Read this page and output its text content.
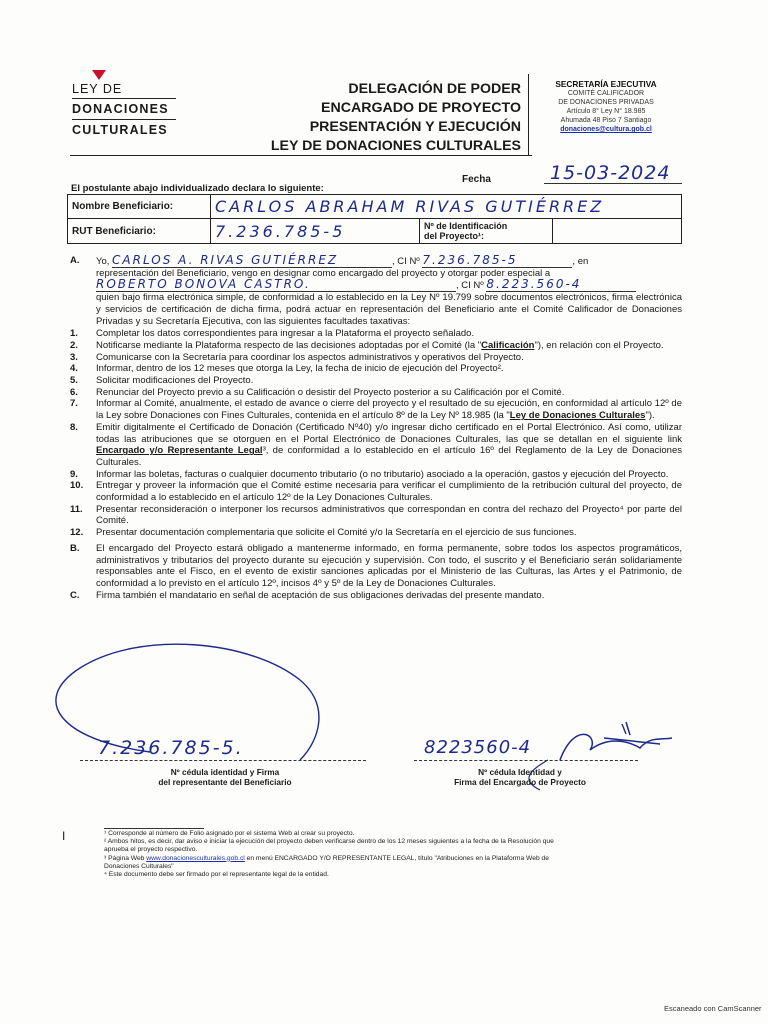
LEY DE
DONACIONES
CULTURALES
DELEGACIÓN DE PODER
ENCARGADO DE PROYECTO
PRESENTACIÓN Y EJECUCIÓN
LEY DE DONACIONES CULTURALES
SECRETARÍA EJECUTIVA
COMITÉ CALIFICADOR
DE DONACIONES PRIVADAS
Artículo 8° Ley N° 18.985
Ahumada 48 Piso 7 Santiago
donaciones@cultura.gob.cl
Fecha	15-03-2024
El postulante abajo individualizado declara lo siguiente:
Nombre Beneficiario:	CARLOS ABRAHAM RIVAS GUTIÉRREZ		
RUT Beneficiario:	7.236.785-5	Nº de Identificación
del Proyecto¹:	

A. Yo, CARLOS A. RIVAS GUTIÉRREZ	, CI Nº 7.236.785-5	, en
representación del Beneficiario, vengo en designar como encargado del proyecto y otorgar poder especial a
ROBERTO BONOVA CASTRO.	, CI Nº 8.223.560-4
quien bajo firma electrónica simple, de conformidad a lo establecido en la Ley Nº 19.799 sobre documentos electrónicos, firma electrónica y servicios de certificación de dicha firma, podrá actuar en representación del Beneficiario ante el Comité Calificador de Donaciones Privadas y su Secretaría Ejecutiva, con las siguientes facultades taxativas:
1. Completar los datos correspondientes para ingresar a la Plataforma el proyecto señalado.
2. Notificarse mediante la Plataforma respecto de las decisiones adoptadas por el Comité (la "Calificación"), en relación con el Proyecto.
3. Comunicarse con la Secretaría para coordinar los aspectos administrativos y operativos del Proyecto.
4. Informar, dentro de los 12 meses que otorga la Ley, la fecha de inicio de ejecución del Proyecto².
5. Solicitar modificaciones del Proyecto.
6. Renunciar del Proyecto previo a su Calificación o desistir del Proyecto posterior a su Calificación por el Comité.
7. Informar al Comité, anualmente, el estado de avance o cierre del proyecto y el resultado de su ejecución, en conformidad al artículo 12º de la Ley sobre Donaciones con Fines Culturales, contenida en el artículo 8º de la Ley Nº 18.985 (la "Ley de Donaciones Culturales").
8. Emitir digitalmente el Certificado de Donación (Certificado Nº40) y/o ingresar dicho certificado en el Portal Electrónico. Así como, utilizar todas las atribuciones que se otorguen en el Portal Electrónico de Donaciones Culturales, las que se detallan en el siguiente link Encargado y/o Representante Legal³, de conformidad a lo establecido en el artículo 16º del Reglamento de la Ley de Donaciones Culturales.
9. Informar las boletas, facturas o cualquier documento tributario (o no tributario) asociado a la operación, gastos y ejecución del Proyecto.
10. Entregar y proveer la información que el Comité estime necesaria para verificar el cumplimiento de la retribución cultural del proyecto, de conformidad a lo establecido en el artículo 12º de la Ley Donaciones Culturales.
11. Presentar reconsideración o interponer los recursos administrativos que correspondan en contra del rechazo del Proyecto⁴ por parte del Comité.
12. Presentar documentación complementaria que solicite el Comité y/o la Secretaría en el ejercicio de sus funciones.
B. El encargado del Proyecto estará obligado a mantenerme informado, en forma permanente, sobre todos los aspectos programáticos, administrativos y tributarios del proyecto durante su ejecución y supervisión. Con todo, el suscrito y el Beneficiario serán solidariamente responsables ante el Fisco, en el evento de existir sanciones aplicadas por el Ministerio de las Culturas, las Artes y el Patrimonio, de conformidad a lo previsto en el artículo 12º, incisos 4º y 5º de la Ley de Donaciones Culturales.
C. Firma también el mandatario en señal de aceptación de sus obligaciones derivadas del presente mandato.
7.236.785-5.
Nº cédula identidad y Firma
del representante del Beneficiario
8223560-4
Nº cédula Identidad y
Firma del Encargado de Proyecto
I	¹ Corresponde al número de Folio asignado por el sistema Web al crear su proyecto.
² Ambos hitos, es decir, dar aviso e iniciar la ejecución del proyecto deben verificarse dentro de los 12 meses siguientes a la fecha de la Resolución que aprueba el proyecto respectivo.
³ Página Web www.donacionesculturales.gob.cl en menú ENCARGADO Y/O REPRESENTANTE LEGAL, título "Atribuciones en la Plataforma Web de Donaciones Culturales"
⁴ Este documento debe ser firmado por el representante legal de la entidad.
Escaneado con CamScanner
